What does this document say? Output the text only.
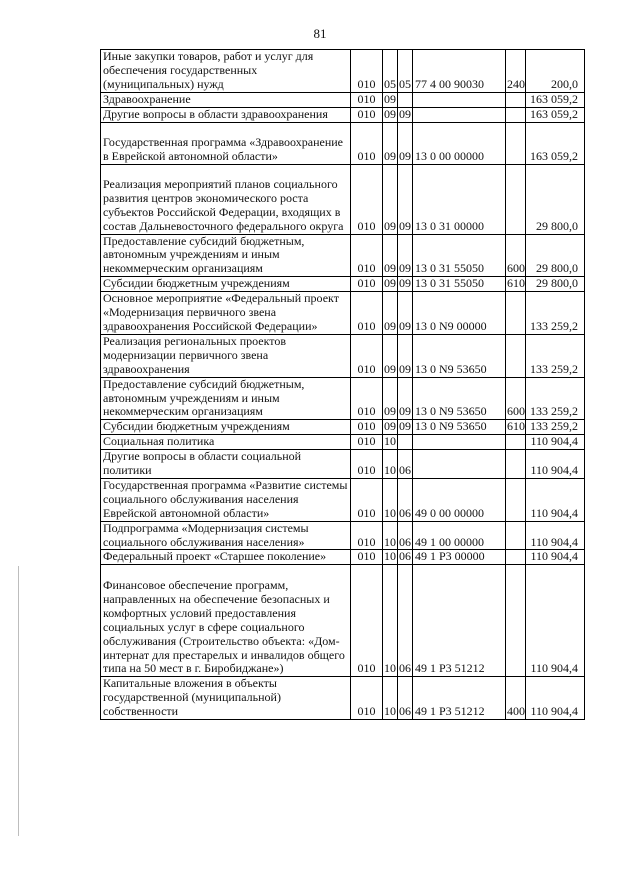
81
Иные закупки товаров, работ и услуг для обеспечения государственных (муниципальных) нужд	010	05	05	77 4 00 90030	240	200,0
Здравоохранение	010	09				163 059,2
Другие вопросы в области здравоохранения	010	09	09			163 059,2
Государственная программа «Здравоохранение в Еврейской автономной области»	010	09	09	13 0 00 00000		163 059,2
Реализация мероприятий планов социального развития центров экономического роста субъектов Российской Федерации, входящих в состав Дальневосточного федерального округа	010	09	09	13 0 31 00000		29 800,0
Предоставление субсидий бюджетным, автономным учреждениям и иным некоммерческим организациям	010	09	09	13 0 31 55050	600	29 800,0
Субсидии бюджетным учреждениям	010	09	09	13 0 31 55050	610	29 800,0
Основное мероприятие «Федеральный проект «Модернизация первичного звена здравоохранения Российской Федерации»	010	09	09	13 0 N9 00000		133 259,2
Реализация региональных проектов модернизации первичного звена здравоохранения	010	09	09	13 0 N9 53650		133 259,2
Предоставление субсидий бюджетным, автономным учреждениям и иным некоммерческим организациям	010	09	09	13 0 N9 53650	600	133 259,2
Субсидии бюджетным учреждениям	010	09	09	13 0 N9 53650	610	133 259,2
Социальная политика	010	10				110 904,4
Другие вопросы в области социальной политики	010	10	06			110 904,4
Государственная программа «Развитие системы социального обслуживания населения Еврейской автономной области»	010	10	06	49 0 00 00000		110 904,4
Подпрограмма «Модернизация системы социального обслуживания населения»	010	10	06	49 1 00 00000		110 904,4
Федеральный проект «Старшее поколение»	010	10	06	49 1 Р3 00000		110 904,4
Финансовое обеспечение программ, направленных на обеспечение безопасных и комфортных условий предоставления социальных услуг в сфере социального обслуживания (Строительство объекта: «Дом-интернат для престарелых и инвалидов общего типа на 50 мест в г. Биробиджане»)	010	10	06	49 1 Р3 51212		110 904,4
Капитальные вложения в объекты государственной (муниципальной) собственности	010	10	06	49 1 Р3 51212	400	110 904,4
